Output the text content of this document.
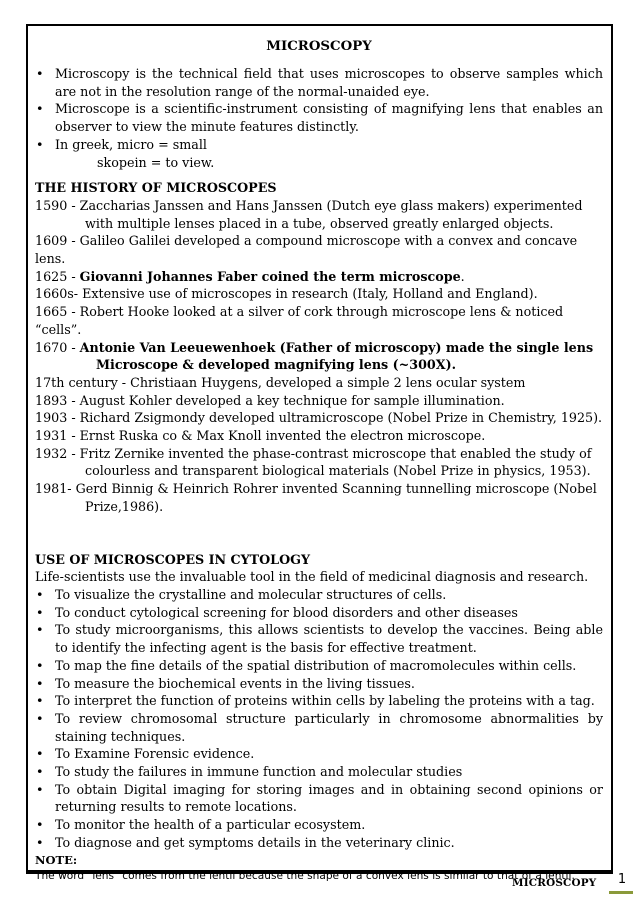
MICROSCOPY
• Microscopy is the technical field that uses microscopes to observe samples which are not in the resolution range of the normal-unaided eye.
• Microscope is a scientific-instrument consisting of magnifying lens that enables an observer to view the minute features distinctly.
• In greek, micro = small
skopein = to view.
THE HISTORY OF MICROSCOPES
1590 - Zaccharias Janssen and Hans Janssen (Dutch eye glass makers) experimented
with multiple lenses placed in a tube, observed greatly enlarged objects.
1609 - Galileo Galilei developed a compound microscope with a convex and concave lens.
1625 - Giovanni Johannes Faber coined the term microscope.
1660s- Extensive use of microscopes in research (Italy, Holland and England).
1665 - Robert Hooke looked at a silver of cork through microscope lens & noticed “cells”.
1670 - Antonie Van Leeuewenhoek (Father of microscopy) made the single lens
Microscope & developed magnifying lens (~300X).
17th century - Christiaan Huygens, developed a simple 2 lens ocular system
1893 - August Kohler developed a key technique for sample illumination.
1903 - Richard Zsigmondy developed ultramicroscope (Nobel Prize in Chemistry, 1925).
1931 - Ernst Ruska co & Max Knoll invented the electron microscope.
1932 - Fritz Zernike invented the phase-contrast microscope that enabled the study of
colourless and transparent biological materials (Nobel Prize in physics, 1953).
1981- Gerd Binnig & Heinrich Rohrer invented Scanning tunnelling microscope (Nobel
Prize,1986).
USE OF MICROSCOPES IN CYTOLOGY
Life-scientists use the invaluable tool in the field of medicinal diagnosis and research.
• To visualize the crystalline and molecular structures of cells.
• To conduct cytological screening for blood disorders and other diseases
• To study microorganisms, this allows scientists to develop the vaccines. Being able to identify the infecting agent is the basis for effective treatment.
• To map the fine details of the spatial distribution of macromolecules within cells.
• To measure the biochemical events in the living tissues.
• To interpret the function of proteins within cells by labeling the proteins with a tag.
• To review chromosomal structure particularly in chromosome abnormalities by staining techniques.
• To Examine Forensic evidence.
• To study the failures in immune function and molecular studies
• To obtain Digital imaging for storing images and in obtaining second opinions or returning results to remote locations.
• To monitor the health of a particular ecosystem.
• To diagnose and get symptoms details in the veterinary clinic.
NOTE:
The word "lens" comes from the lentil because the shape of a convex lens is similar to that of a lentil.
MICROSCOPY	1
